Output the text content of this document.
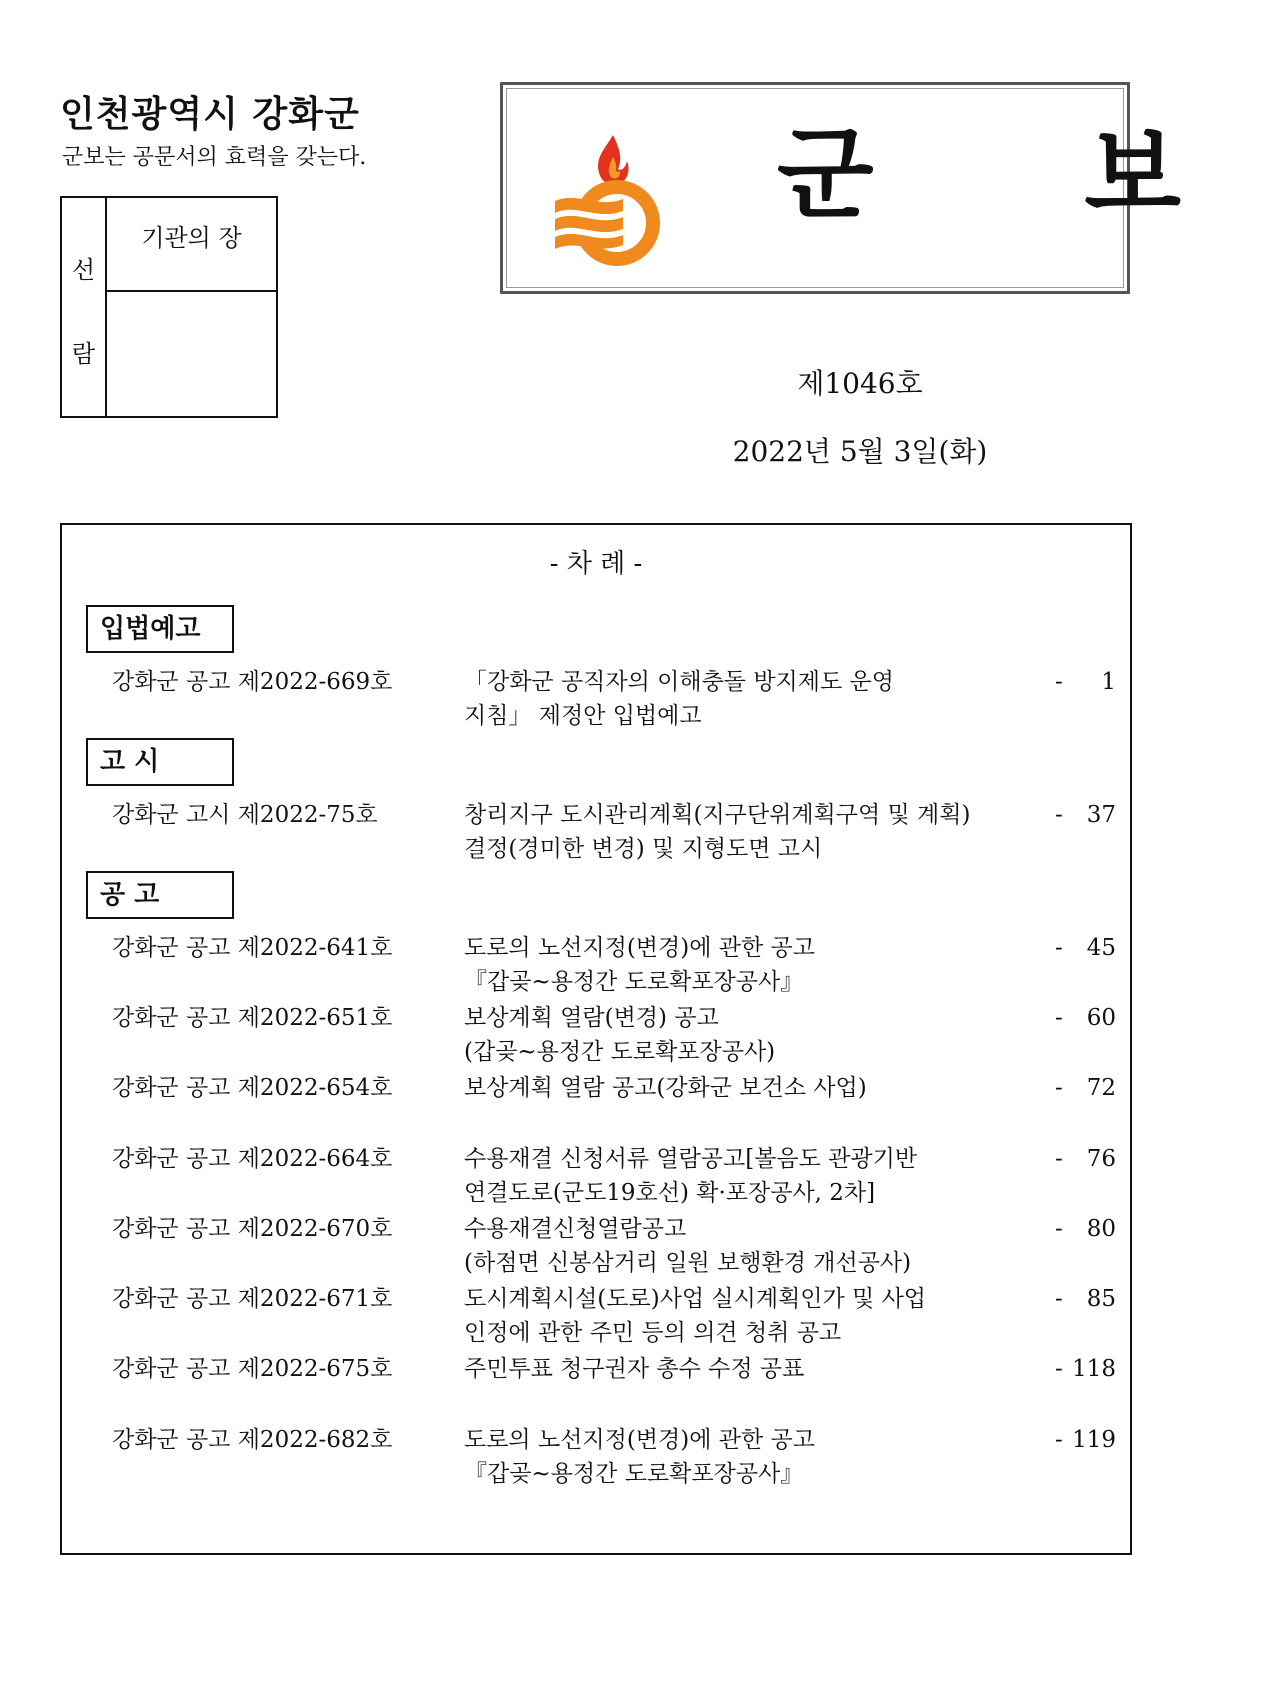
인천광역시 강화군
군보는 공문서의 효력을 갖는다.
선
람
기관의 장
군 보
제1046호
2022년 5월 3일(화)
- 차 례 -
입법예고
강화군 공고 제2022-669호	「강화군 공직자의 이해충돌 방지제도 운영
지침」 제정안 입법예고
- 1
고 시
강화군 고시 제2022-75호	창리지구 도시관리계획(지구단위계획구역 및 계획)
결정(경미한 변경) 및 지형도면 고시
- 37
공 고
강화군 공고 제2022-641호	도로의 노선지정(변경)에 관한 공고
『갑곶~용정간 도로확포장공사』
- 45
강화군 공고 제2022-651호	보상계획 열람(변경) 공고
(갑곶~용정간 도로확포장공사)
- 60
강화군 공고 제2022-654호	보상계획 열람 공고(강화군 보건소 사업)	- 72
강화군 공고 제2022-664호	수용재결 신청서류 열람공고[볼음도 관광기반
연결도로(군도19호선) 확·포장공사, 2차]
- 76
강화군 공고 제2022-670호	수용재결신청열람공고
(하점면 신봉삼거리 일원 보행환경 개선공사)
- 80
강화군 공고 제2022-671호	도시계획시설(도로)사업 실시계획인가 및 사업
인정에 관한 주민 등의 의견 청취 공고
- 85
강화군 공고 제2022-675호	주민투표 청구권자 총수 수정 공표	- 118
강화군 공고 제2022-682호	도로의 노선지정(변경)에 관한 공고
『갑곶~용정간 도로확포장공사』
- 119
